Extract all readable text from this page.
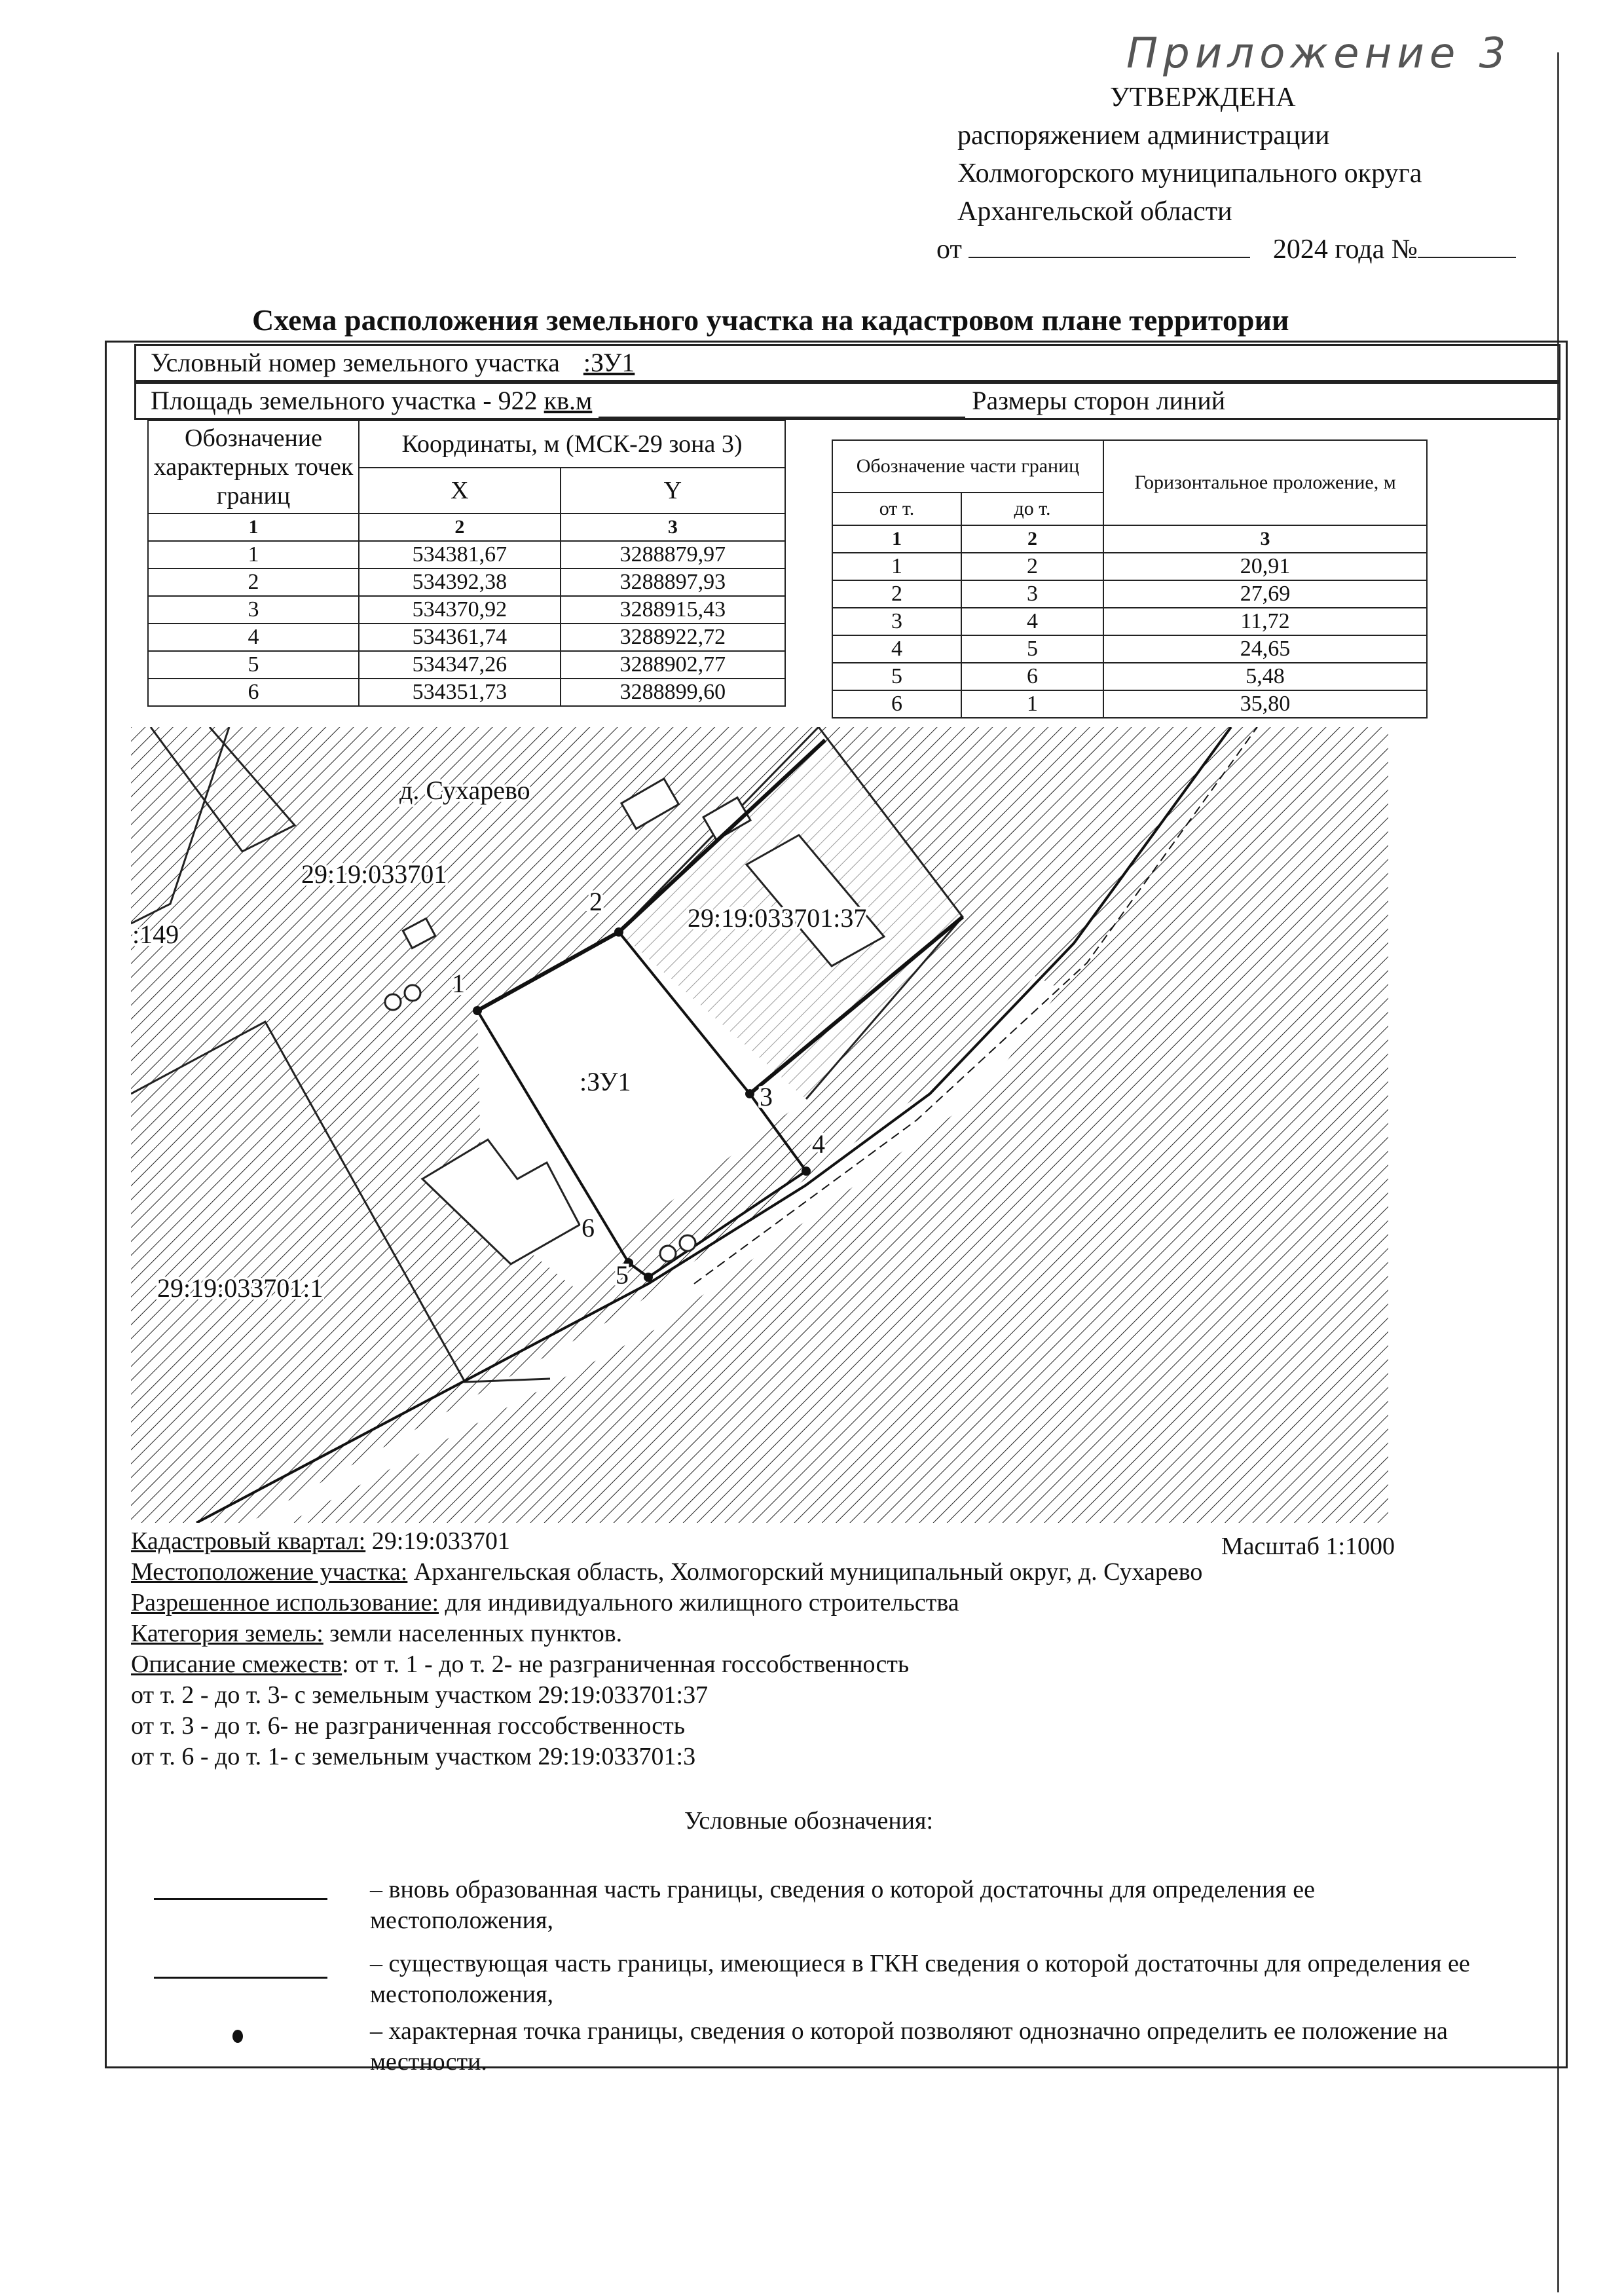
Приложение 3
УТВЕРЖДЕНА
распоряжением администрации
Холмогорского муниципального округа
Архангельской области
от	2024 года №
Схема расположения земельного участка на кадастровом плане территории
Условный номер земельного участка :ЗУ1
Площадь земельного участка - 922 кв.м	Размеры сторон линий
Обозначение характерных точек границ	Координаты, м (МСК-29 зона 3)	
	X	Y
1	2	3
1	534381,67	3288879,97
2	534392,38	3288897,93
3	534370,92	3288915,43
4	534361,74	3288922,72
5	534347,26	3288902,77
6	534351,73	3288899,60
Обозначение части границ		Горизонтальное проложение, м
от т.	до т.	
1	2	3
1	2	20,91
2	3	27,69
3	4	11,72
4	5	24,65
5	6	5,48
6	1	35,80
д. Сухарево
29:19:033701
29:19:033701:37
:149
29:19:033701:1
:ЗУ1
1
2
3
4
5
6
Кадастровый квартал: 29:19:033701	Масштаб 1:1000
Местоположение участка: Архангельская область, Холмогорский муниципальный округ, д. Сухарево
Разрешенное использование: для индивидуального жилищного строительства
Категория земель: земли населенных пунктов.
Описание смежеств: от т. 1 - до т. 2- не разграниченная госсобственность
от т. 2 - до т. 3- с земельным участком 29:19:033701:37
от т. 3 - до т. 6- не разграниченная госсобственность
от т. 6 - до т. 1- с земельным участком 29:19:033701:3
Условные обозначения:
– вновь образованная часть границы, сведения о которой достаточны для определения ее местоположения,
– существующая часть границы, имеющиеся в ГКН сведения о которой достаточны для определения ее местоположения,
– характерная точка границы, сведения о которой позволяют однозначно определить ее положение на местности.
